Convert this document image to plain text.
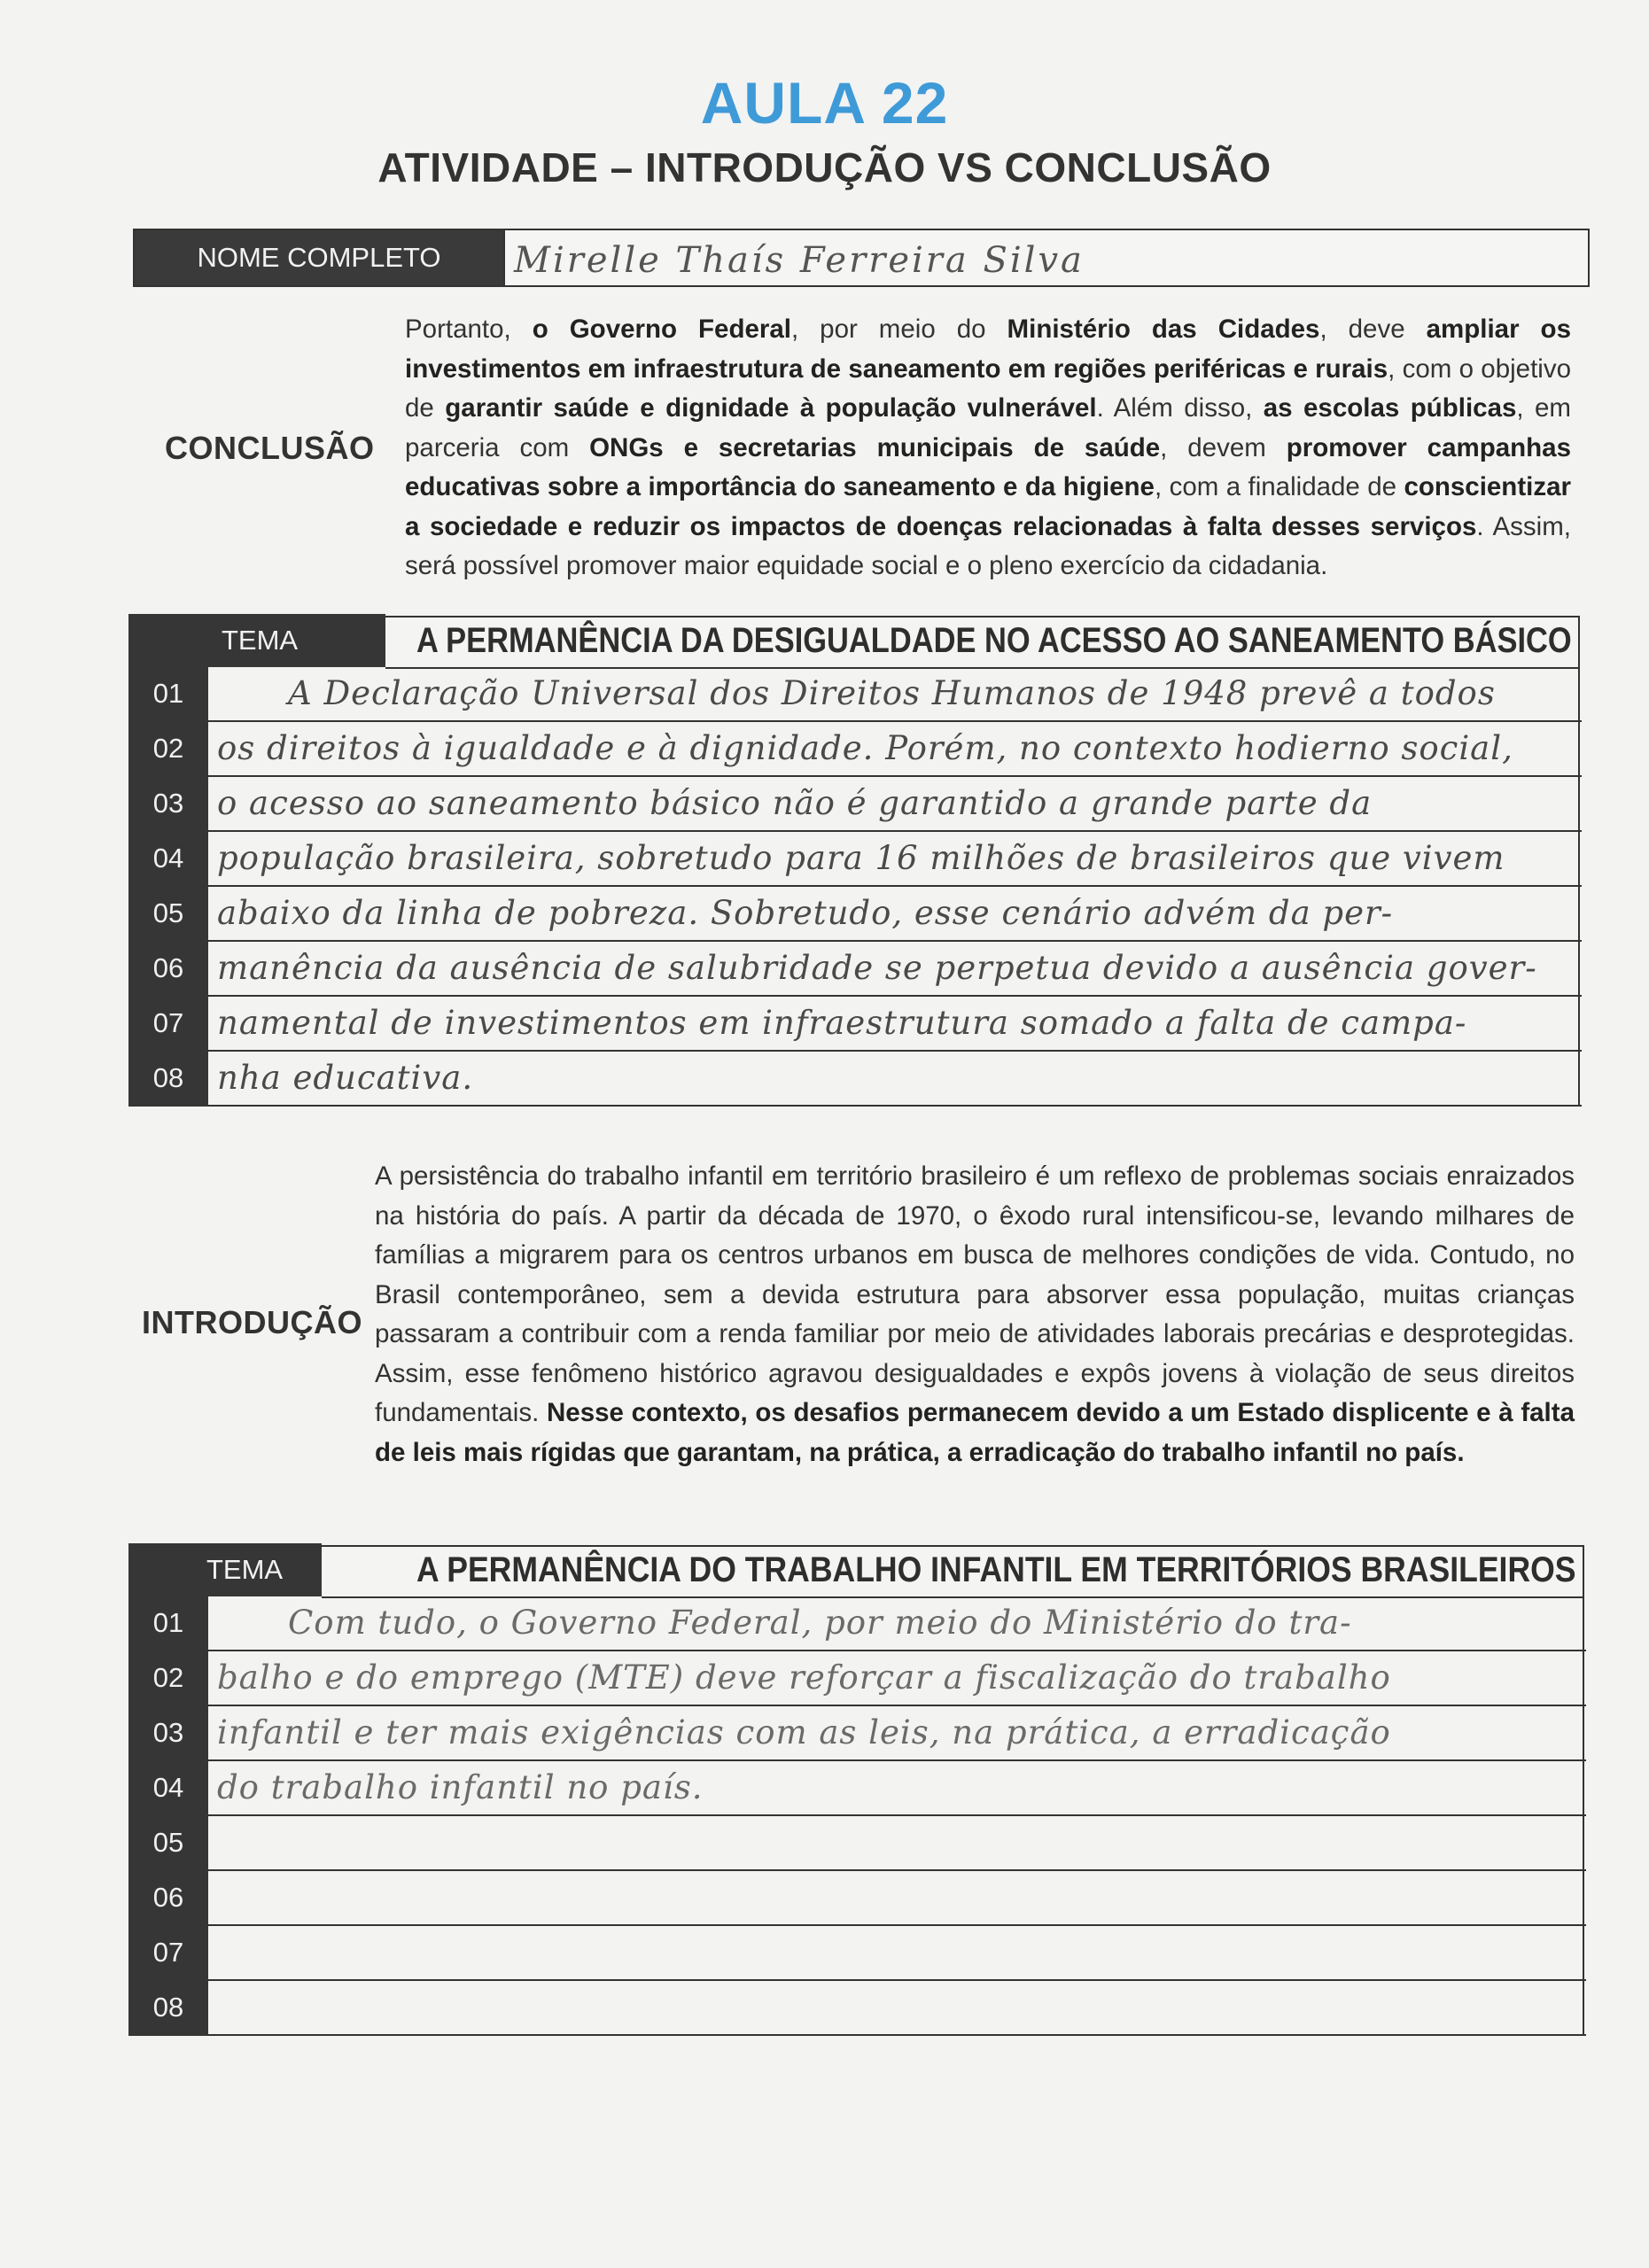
AULA 22
ATIVIDADE – INTRODUÇÃO VS CONCLUSÃO
NOME COMPLETO	Mirelle Thaís Ferreira Silva
CONCLUSÃO
Portanto, o Governo Federal, por meio do Ministério das Cidades, deve ampliar os investimentos em infraestrutura de saneamento em regiões periféricas e rurais, com o objetivo de garantir saúde e dignidade à população vulnerável. Além disso, as escolas públicas, em parceria com ONGs e secretarias municipais de saúde, devem promover campanhas educativas sobre a importância do saneamento e da higiene, com a finalidade de conscientizar a sociedade e reduzir os impactos de doenças relacionadas à falta desses serviços. Assim, será possível promover maior equidade social e o pleno exercício da cidadania.
TEMA	A PERMANÊNCIA DA DESIGUALDADE NO ACESSO AO SANEAMENTO BÁSICO
01	A Declaração Universal dos Direitos Humanos de 1948 prevê a todos
02	os direitos à igualdade e à dignidade. Porém, no contexto hodierno social,
03	o acesso ao saneamento básico não é garantido a grande parte da
04	população brasileira, sobretudo para 16 milhões de brasileiros que vivem
05	abaixo da linha de pobreza. Sobretudo, esse cenário advém da per-
06	manência da ausência de salubridade se perpetua devido a ausência gover-
07	namental de investimentos em infraestrutura somado a falta de campa-
08	nha educativa.
INTRODUÇÃO
A persistência do trabalho infantil em território brasileiro é um reflexo de problemas sociais enraizados na história do país. A partir da década de 1970, o êxodo rural intensificou-se, levando milhares de famílias a migrarem para os centros urbanos em busca de melhores condições de vida. Contudo, no Brasil contemporâneo, sem a devida estrutura para absorver essa população, muitas crianças passaram a contribuir com a renda familiar por meio de atividades laborais precárias e desprotegidas. Assim, esse fenômeno histórico agravou desigualdades e expôs jovens à violação de seus direitos fundamentais. Nesse contexto, os desafios permanecem devido a um Estado displicente e à falta de leis mais rígidas que garantam, na prática, a erradicação do trabalho infantil no país.
TEMA	A PERMANÊNCIA DO TRABALHO INFANTIL EM TERRITÓRIOS BRASILEIROS
01	Com tudo, o Governo Federal, por meio do Ministério do tra-
02	balho e do emprego (MTE) deve reforçar a fiscalização do trabalho
03	infantil e ter mais exigências com as leis, na prática, a erradicação
04	do trabalho infantil no país.
05
06
07
08
